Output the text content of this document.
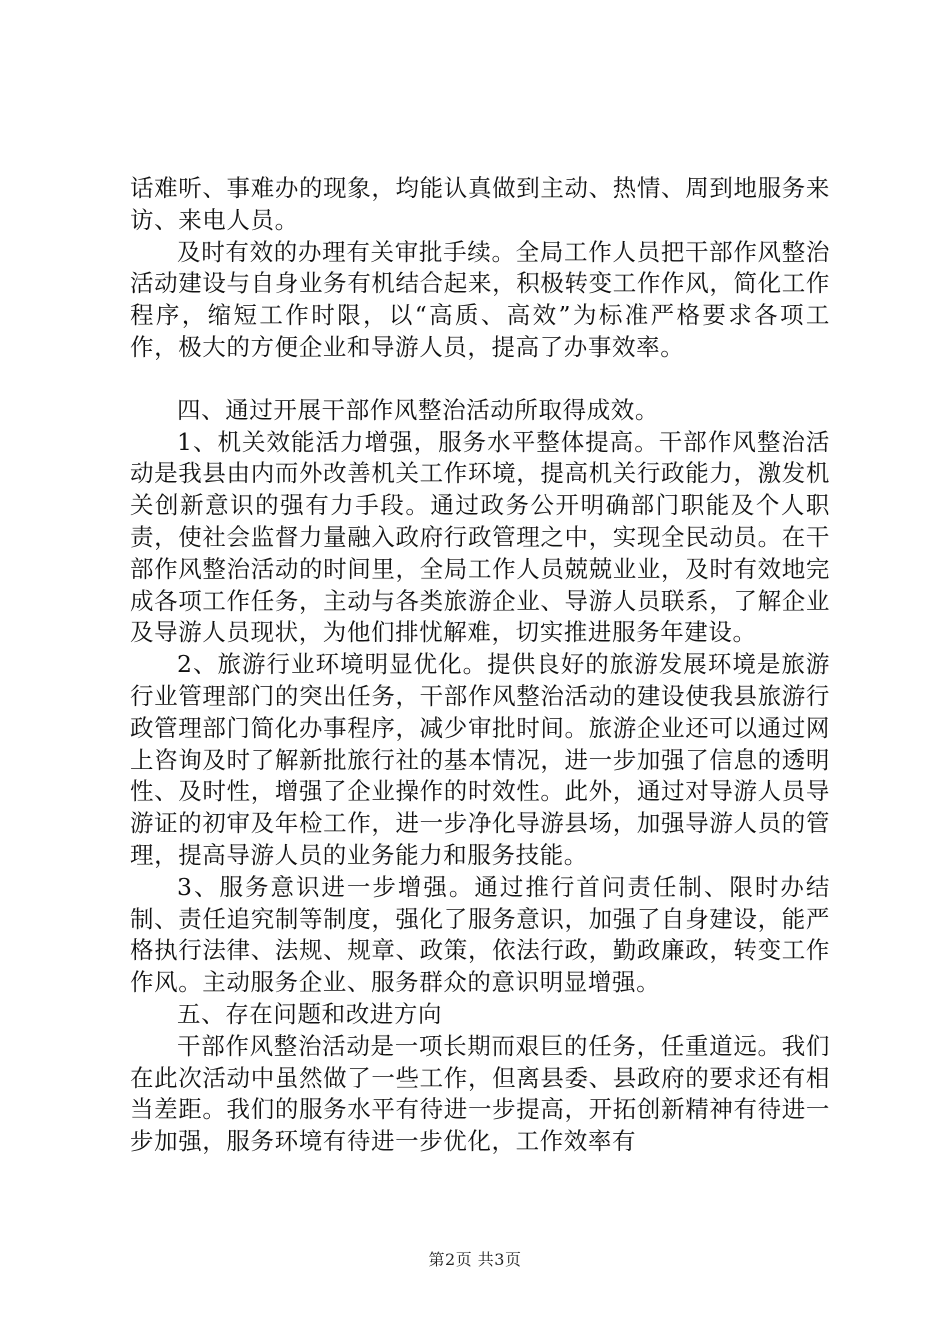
话难听、事难办的现象，均能认真做到主动、热情、周到地服务来访、来电人员。

及时有效的办理有关审批手续。全局工作人员把干部作风整治活动建设与自身业务有机结合起来，积极转变工作作风，简化工作程序，缩短工作时限，以“高质、高效”为标准严格要求各项工作，极大的方便企业和导游人员，提高了办事效率。

四、通过开展干部作风整治活动所取得成效。

1、机关效能活力增强，服务水平整体提高。干部作风整治活动是我县由内而外改善机关工作环境，提高机关行政能力，激发机关创新意识的强有力手段。通过政务公开明确部门职能及个人职责，使社会监督力量融入政府行政管理之中，实现全民动员。在干部作风整治活动的时间里，全局工作人员兢兢业业，及时有效地完成各项工作任务，主动与各类旅游企业、导游人员联系，了解企业及导游人员现状，为他们排忧解难，切实推进服务年建设。

2、旅游行业环境明显优化。提供良好的旅游发展环境是旅游行业管理部门的突出任务，干部作风整治活动的建设使我县旅游行政管理部门简化办事程序，减少审批时间。旅游企业还可以通过网上咨询及时了解新批旅行社的基本情况，进一步加强了信息的透明性、及时性，增强了企业操作的时效性。此外，通过对导游人员导游证的初审及年检工作，进一步净化导游县场，加强导游人员的管理，提高导游人员的业务能力和服务技能。

3、服务意识进一步增强。通过推行首问责任制、限时办结制、责任追究制等制度，强化了服务意识，加强了自身建设，能严格执行法律、法规、规章、政策，依法行政，勤政廉政，转变工作作风。主动服务企业、服务群众的意识明显增强。

五、存在问题和改进方向

干部作风整治活动是一项长期而艰巨的任务，任重道远。我们在此次活动中虽然做了一些工作，但离县委、县政府的要求还有相当差距。我们的服务水平有待进一步提高，开拓创新精神有待进一步加强，服务环境有待进一步优化，工作效率有

第2页 共3页
